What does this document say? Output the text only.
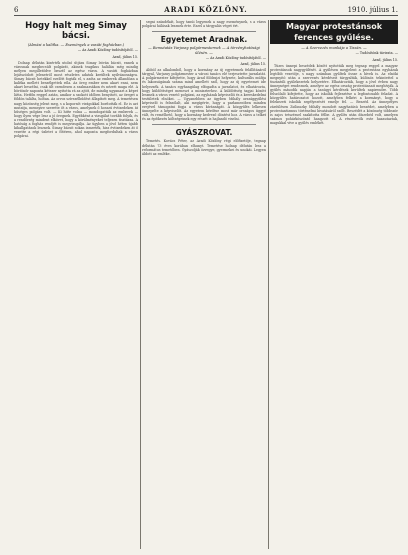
6	ARADI KÖZLÖNY.	1910. július 1.
Hogy halt meg Simay bácsi.
(Almási a kalitka. — Események a vasúti fogházban.)
— Az Aradi Közlöny tudósítójától. —
Arad, július 15.
Dolnap délután kisérték utolsó útjára Simay István bácsit, ennek a városnak megbecsült polgárát, akinek tragikus halálán még mindig mélyen megilletődve beszél az egész város. A vasúti fogházban lejátszódott jelenetről most részletes adatok kerültek nyilvánosságra. Simay bácsit hetekkel ezelőtt fogták el, s azóta az emberek állandóan a kalitka mellett beszélgettek róla. Az öreg ember nem akart enni, nem akart beszélni, csak ült csendesen a szalmazsákon és nézett maga elé. A börtönőr naponta kétszer nyitotta rá az ajtót, de mindig ugyanazt a képet látta. Hetfőn reggel aztán, amikor a szokott időben benyitott, az öreget a földön találta, holtan. Az orvos szívszélhűdést állapított meg. A temetésen nagy közönség jelent meg, s a koporsót virágokkal borították el. Ez is azt mutatja, mennyire szerette őt a város, amelynek ő hosszú évtizedeken át hűséges polgára volt. — Ki hitte volna — mondogatták az emberek — hogy ilyen vége lesz a jó öregnek. Egyébként a vizsgálat tovább folyik, és a rendőrség mindent elkövet, hogy a körülményeket teljesen tisztázza. A hatóság a fogház rendjét is megvizsgálja. Az ügyben a jövő héten újabb kihallgatások lesznek. Simay bácsit sokan ismerték, hisz évtizedeken át ő vezette a régi üzletet a főtéren, ahol naponta megfordultak a város polgárai.
segni szándékát, hogy tanúi legyenek a nagy eseménynek, s a város polgárai hálásak lesznek érte. Ezzel a tárgyalás véget ért.
Egyetemet Aradnak.
— Bemutatás Varjassy polgármesternek — A törvényhatósági ülésén. —
— Az Aradi Közlöny tudósítójától. —
Arad, július 15.
Abból az alkalomból, hogy a kormány az új egyetemek felállításáról tárgyal, Varjassy polgármester a városi tanács elé terjesztette javaslatát. A polgármester kifejtette, hogy Arad földrajzi helyzete, kulturális múltja és lakosságának száma mind amellett szól, hogy az új egyetemet ide helyezzék. A tanács egyhangúlag elfogadta a javaslatot, és elhatározta, hogy küldöttséget meneszt a miniszterhez. A küldöttség tagjai között lesznek a város vezető polgárai, az egyházak képviselői és a kereskedelmi testületek elnökei. — Ugyanebben az ügyben Mihály országgyűlési képviselő is felszólalt, aki megígérte, hogy a parlamentben minden erejével támogatni fogja a város kívánságát. A közgyűlés lelkesen ünnepelte a képviselőt. Az egyetem kérdése most már országos üggyé vált, és remélhető, hogy a kormány kedvező döntést hoz. A város a telket és az építkezés költségeinek egy részét is hajlandó viselni.
GYÁSZROVAT.
Temetés. Kovács Péter, az Aradi Közlöny régi előfizetője, tegnap délután 73 éves korában elhunyt. Temetése holnap délután lesz a református temetőben. Gyászolják özvegye, gyermekei és unokái. Legyen áldott az emléke.
Magyar protestánsok ferences gyűlése.
— A Szervezés munkája a Tiszán. —
— Tudósítónk távirata. —
Arad, július 15.
Tüzes ünnepi beszédek között nyitották meg tegnap reggel a magyar protestánsok nagygyűlését. A gyűlésen megjelent a protestáns egyházak legtöbb vezetője, s nagy számban gyűltek össze a hívek is. Az elnöki megnyitó után a szervezés kérdéseit tárgyalták, különös tekintettel a tiszántúli gyülekezetek helyzetére. Elhatározták, hogy a jövő évben nagy ünnepséget rendeznek, amelyre az egész ország protestánsait meghívják. A gyűlés második napján a tanügyi kérdések kerültek napirendre. Több felszólaló kifejtette, hogy az iskolák fejlesztése a legfontosabb feladat. A közgyűlés határozatot hozott, amelyben felkéri a kormányt, hogy a felekezeti iskolák segélyezését emelje fel. — Beszéd. Az ünnepélyes záróülésen Zsilinszky Mihály mondott nagyhatású beszédet, amelyben a protestantizmus történelmi hivatásáról szólt. Beszédét a közönség többször is zajos tetszéssel szakította félbe. A gyűlés után díszebéd volt, amelyen számos pohárköszöntő hangzott el. A résztvevők este hazautaztak, magukkal víve a gyűlés emlékét.
